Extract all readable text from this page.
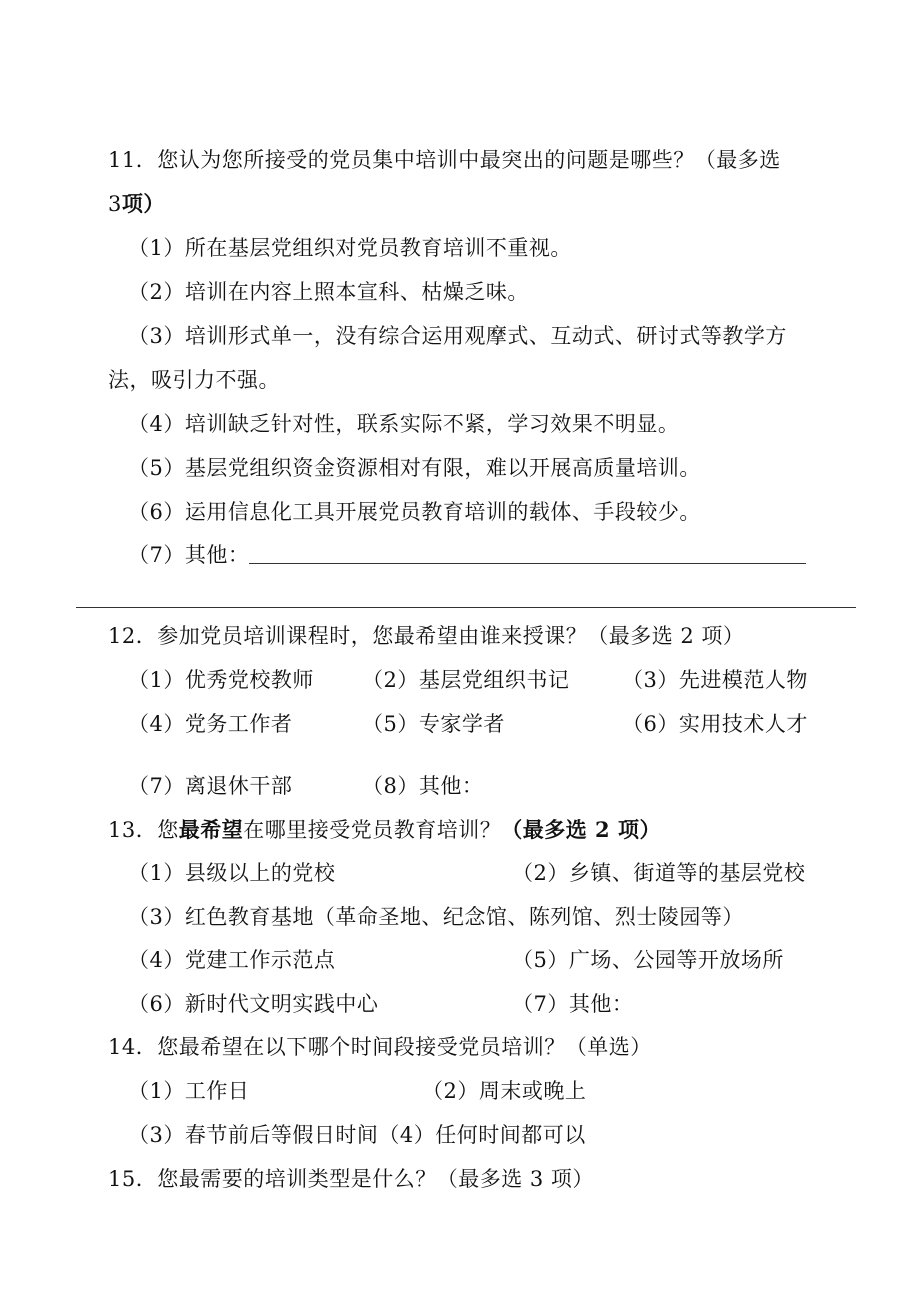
11．您认为您所接受的党员集中培训中最突出的问题是哪些？（最多选
3项）
（1）所在基层党组织对党员教育培训不重视。
（2）培训在内容上照本宣科、枯燥乏味。
（3）培训形式单一，没有综合运用观摩式、互动式、研讨式等教学方
法，吸引力不强。
（4）培训缺乏针对性，联系实际不紧，学习效果不明显。
（5）基层党组织资金资源相对有限，难以开展高质量培训。
（6）运用信息化工具开展党员教育培训的载体、手段较少。
（7）其他：
12．参加党员培训课程时，您最希望由谁来授课？（最多选 2 项）
（1）优秀党校教师 （2）基层党组织书记	（3）先进模范人物
（4）党务工作者	（5）专家学者	（6）实用技术人才
（7）离退休干部	（8）其他：
13．您最希望在哪里接受党员教育培训？（最多选 2 项）
（1）县级以上的党校	（2）乡镇、街道等的基层党校
（3）红色教育基地（革命圣地、纪念馆、陈列馆、烈士陵园等）
（4）党建工作示范点	（5）广场、公园等开放场所
（6）新时代文明实践中心	（7）其他：
14．您最希望在以下哪个时间段接受党员培训？（单选）
（1）工作日	（2）周末或晚上
（3）春节前后等假日时间（4）任何时间都可以
15．您最需要的培训类型是什么？（最多选 3 项）
